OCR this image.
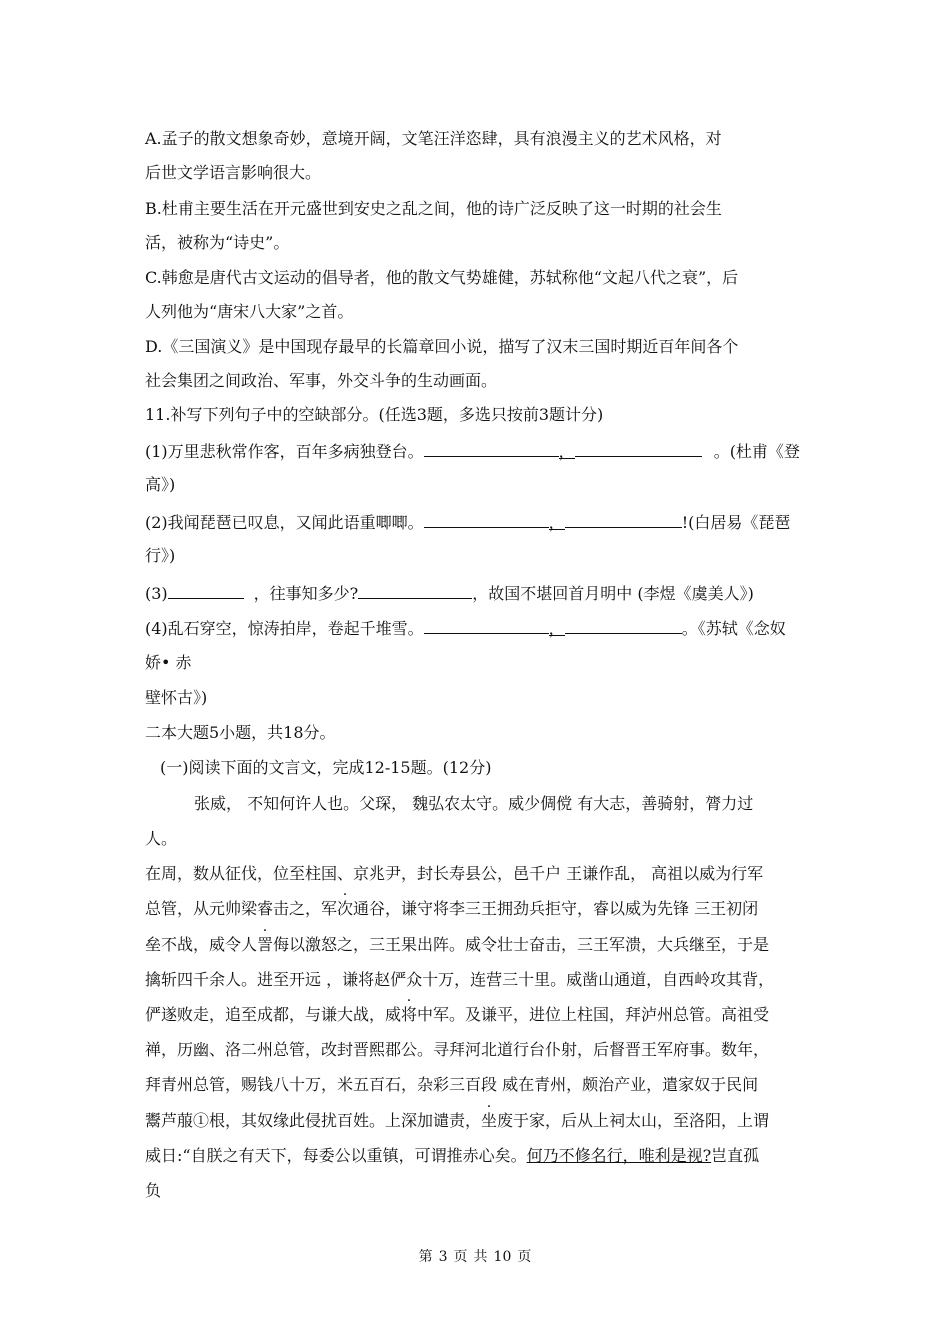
A.孟子的散文想象奇妙，意境开阔，文笔汪洋恣肆，具有浪漫主义的艺术风格，对
后世文学语言影响很大。
B.杜甫主要生活在开元盛世到安史之乱之间，他的诗广泛反映了这一时期的社会生
活，被称为“诗史”。
C.韩愈是唐代古文运动的倡导者，他的散文气势雄健，苏轼称他“文起八代之衰”，后
人列他为“唐宋八大家”之首。
D.《三国演义》是中国现存最早的长篇章回小说，描写了汉末三国时期近百年间各个
社会集团之间政治、军事，外交斗争的生动画面。
11.补写下列句子中的空缺部分。(任选3题，多选只按前3题计分)
(1)万里悲秋常作客，百年多病独登台。	，	。(杜甫《登
高》)
(2)我闻琵琶已叹息，又闻此语重唧唧。	，	!(白居易《琵琶
行》)
(3)	，往事知多少?	，故国不堪回首月明中 (李煜《虞美人》)
(4)乱石穿空，惊涛拍岸，卷起千堆雪。	，	。《苏轼《念奴
娇• 赤
壁怀古》)
二本大题5小题，共18分。
(一)阅读下面的文言文，完成12-15题。(12分)
张威， 不知何许人也。父琛， 魏弘农太守。威少倜傥 有大志，善骑射，膂力过
人。
在周，数从征伐，位至柱国、京兆尹，封长寿县公，邑千户 王谦作乱， 高祖以威为行军
总管，从元帅梁睿击之，军次通谷，谦守将李三王拥劲兵拒守，睿以威为先锋 三王初闭
垒不战，威令人詈侮以激怒之，三王果出阵。威令壮士奋击，三王军溃，大兵继至，于是
擒斩四千余人。进至开远 ，谦将赵俨众十万，连营三十里。威凿山通道，自西岭攻其背，
俨遂败走，追至成都，与谦大战，威将中军。及谦平，进位上柱国，拜泸州总管。高祖受
禅，历幽、洛二州总管，改封晋熙郡公。寻拜河北道行台仆射，后督晋王军府事。数年，
拜青州总管，赐钱八十万，米五百石，杂彩三百段 威在青州，颇治产业，遣家奴于民间
鬻芦菔①根，其奴缘此侵扰百姓。上深加谴责，坐废于家，后从上祠太山，至洛阳，上谓
威日:“自朕之有天下，每委公以重镇，可谓推赤心矣。何乃不修名行，唯利是视?岂直孤
负
第 3 页 共 10 页
